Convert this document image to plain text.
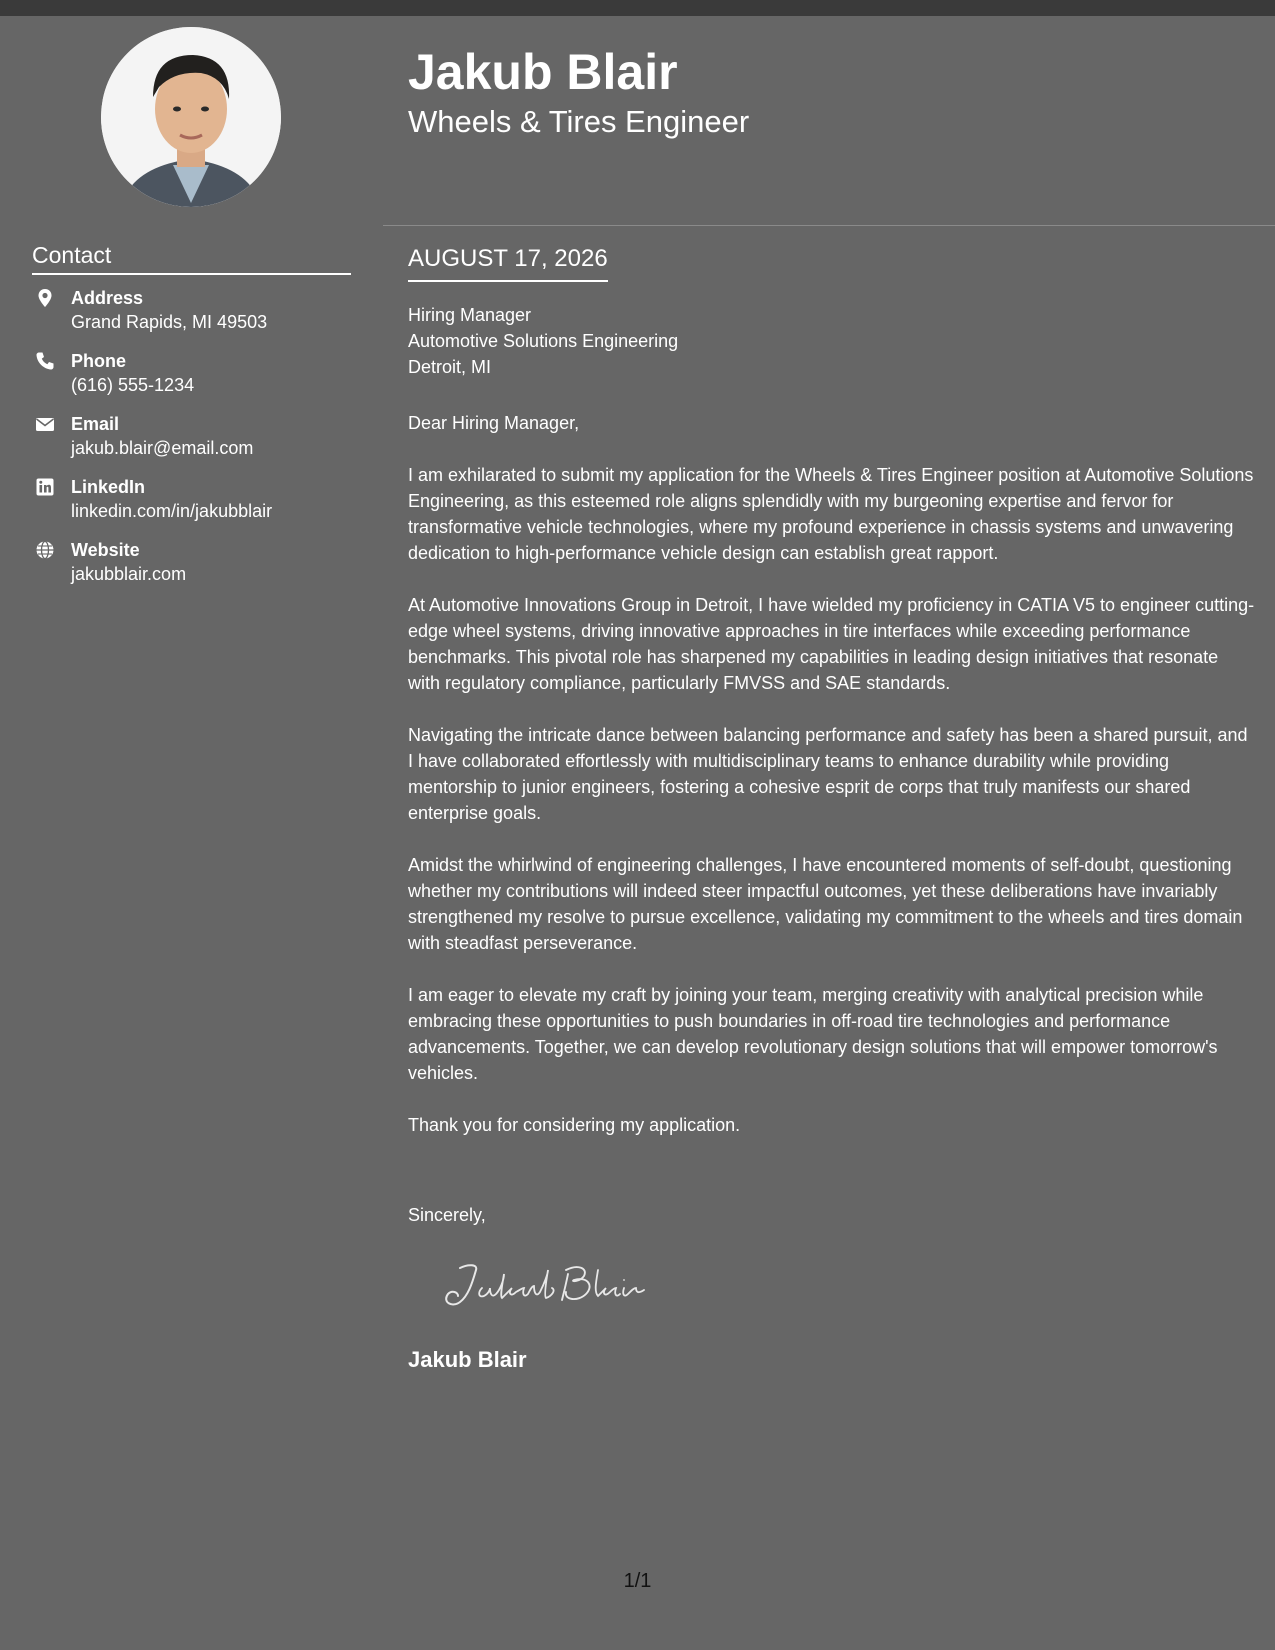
Contact
Address
Grand Rapids, MI 49503
Phone
(616) 555-1234
Email
jakub.blair@email.com
LinkedIn
linkedin.com/in/jakubblair
Website
jakubblair.com
Jakub Blair
Wheels & Tires Engineer
AUGUST 17, 2026
Hiring Manager
Automotive Solutions Engineering
Detroit, MI

Dear Hiring Manager,

I am exhilarated to submit my application for the Wheels & Tires Engineer position at Automotive Solutions Engineering, as this esteemed role aligns splendidly with my burgeoning expertise and fervor for transformative vehicle technologies, where my profound experience in chassis systems and unwavering dedication to high-performance vehicle design can establish great rapport.

At Automotive Innovations Group in Detroit, I have wielded my proficiency in CATIA V5 to engineer cutting-edge wheel systems, driving innovative approaches in tire interfaces while exceeding performance benchmarks. This pivotal role has sharpened my capabilities in leading design initiatives that resonate with regulatory compliance, particularly FMVSS and SAE standards.

Navigating the intricate dance between balancing performance and safety has been a shared pursuit, and I have collaborated effortlessly with multidisciplinary teams to enhance durability while providing mentorship to junior engineers, fostering a cohesive esprit de corps that truly manifests our shared enterprise goals.

Amidst the whirlwind of engineering challenges, I have encountered moments of self-doubt, questioning whether my contributions will indeed steer impactful outcomes, yet these deliberations have invariably strengthened my resolve to pursue excellence, validating my commitment to the wheels and tires domain with steadfast perseverance.

I am eager to elevate my craft by joining your team, merging creativity with analytical precision while embracing these opportunities to push boundaries in off-road tire technologies and performance advancements. Together, we can develop revolutionary design solutions that will empower tomorrow's vehicles.

Thank you for considering my application.

Sincerely,
Jakub Blair
1/1
